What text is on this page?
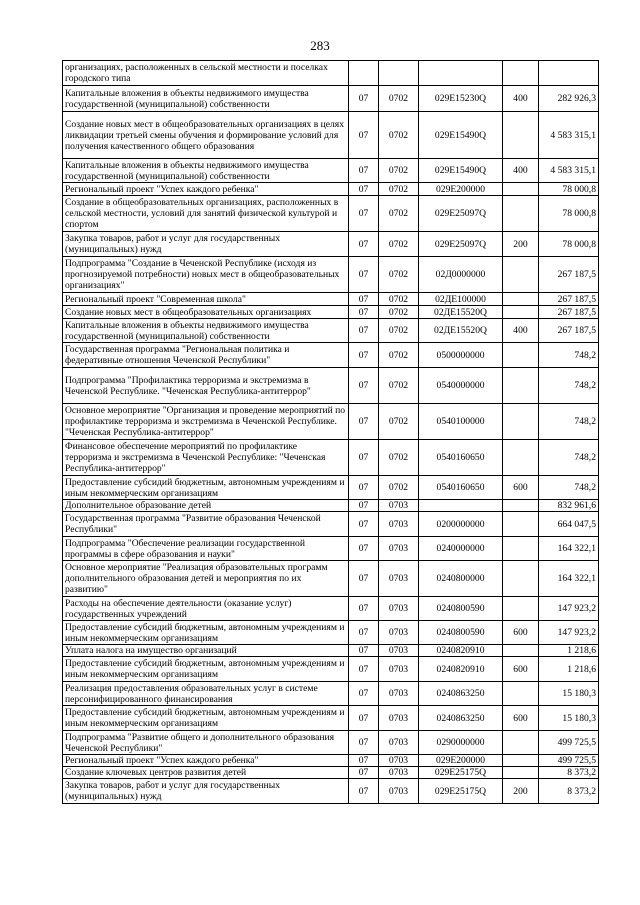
283
организациях, расположенных в сельской местности и поселках городского типа					
Капитальные вложения в объекты недвижимого имущества государственной (муниципальной) собственности	07	0702	029Е15230Q	400	282 926,3
Создание новых мест в общеобразовательных организациях в целях ликвидации третьей смены обучения и формирование условий для получения качественного общего образования	07	0702	029Е15490Q		4 583 315,1
Капитальные вложения в объекты недвижимого имущества государственной (муниципальной) собственности	07	0702	029Е15490Q	400	4 583 315,1
Региональный проект "Успех каждого ребенка"	07	0702	029Е200000		78 000,8
Создание в общеобразовательных организациях, расположенных в сельской местности, условий для занятий физической культурой и спортом	07	0702	029Е25097Q		78 000,8
Закупка товаров, работ и услуг для государственных (муниципальных) нужд	07	0702	029Е25097Q	200	78 000,8
Подпрограмма "Создание в Чеченской Республике (исходя из прогнозируемой потребности) новых мест в общеобразовательных организациях"	07	0702	02Д0000000		267 187,5
Региональный проект "Современная школа"	07	0702	02ДЕ100000		267 187,5
Создание новых мест в общеобразовательных организациях	07	0702	02ДЕ15520Q		267 187,5
Капитальные вложения в объекты недвижимого имущества государственной (муниципальной) собственности	07	0702	02ДЕ15520Q	400	267 187,5
Государственная программа "Региональная политика и федеративные отношения Чеченской Республики"	07	0702	0500000000		748,2
Подпрограмма "Профилактика терроризма и экстремизма в Чеченской Республике. "Чеченская Республика-антитеррор"	07	0702	0540000000		748,2
Основное мероприятие "Организация и проведение мероприятий по профилактике терроризма и экстремизма в Чеченской Республике. "Чеченская Республика-антитеррор"	07	0702	0540100000		748,2
Финансовое обеспечение мероприятий по профилактике терроризма и экстремизма в Чеченской Республике: "Чеченская Республика-антитеррор"	07	0702	0540160650		748,2
Предоставление субсидий бюджетным, автономным учреждениям и иным некоммерческим организациям	07	0702	0540160650	600	748,2
Дополнительное образование детей	07	0703			832 961,6
Государственная программа "Развитие образования Чеченской Республики"	07	0703	0200000000		664 047,5
Подпрограмма "Обеспечение реализации государственной программы в сфере образования и науки"	07	0703	0240000000		164 322,1
Основное мероприятие "Реализация образовательных программ дополнительного образования детей и мероприятия по их развитию"	07	0703	0240800000		164 322,1
Расходы на обеспечение деятельности (оказание услуг) государственных учреждений	07	0703	0240800590		147 923,2
Предоставление субсидий бюджетным, автономным учреждениям и иным некоммерческим организациям	07	0703	0240800590	600	147 923,2
Уплата налога на имущество организаций	07	0703	0240820910		1 218,6
Предоставление субсидий бюджетным, автономным учреждениям и иным некоммерческим организациям	07	0703	0240820910	600	1 218,6
Реализация предоставления образовательных услуг в системе персонифицированного финансирования	07	0703	0240863250		15 180,3
Предоставление субсидий бюджетным, автономным учреждениям и иным некоммерческим организациям	07	0703	0240863250	600	15 180,3
Подпрограмма "Развитие общего и дополнительного образования Чеченской Республики"	07	0703	0290000000		499 725,5
Региональный проект "Успех каждого ребенка"	07	0703	029Е200000		499 725,5
Создание ключевых центров развития детей	07	0703	029Е25175Q		8 373,2
Закупка товаров, работ и услуг для государственных (муниципальных) нужд	07	0703	029Е25175Q	200	8 373,2
